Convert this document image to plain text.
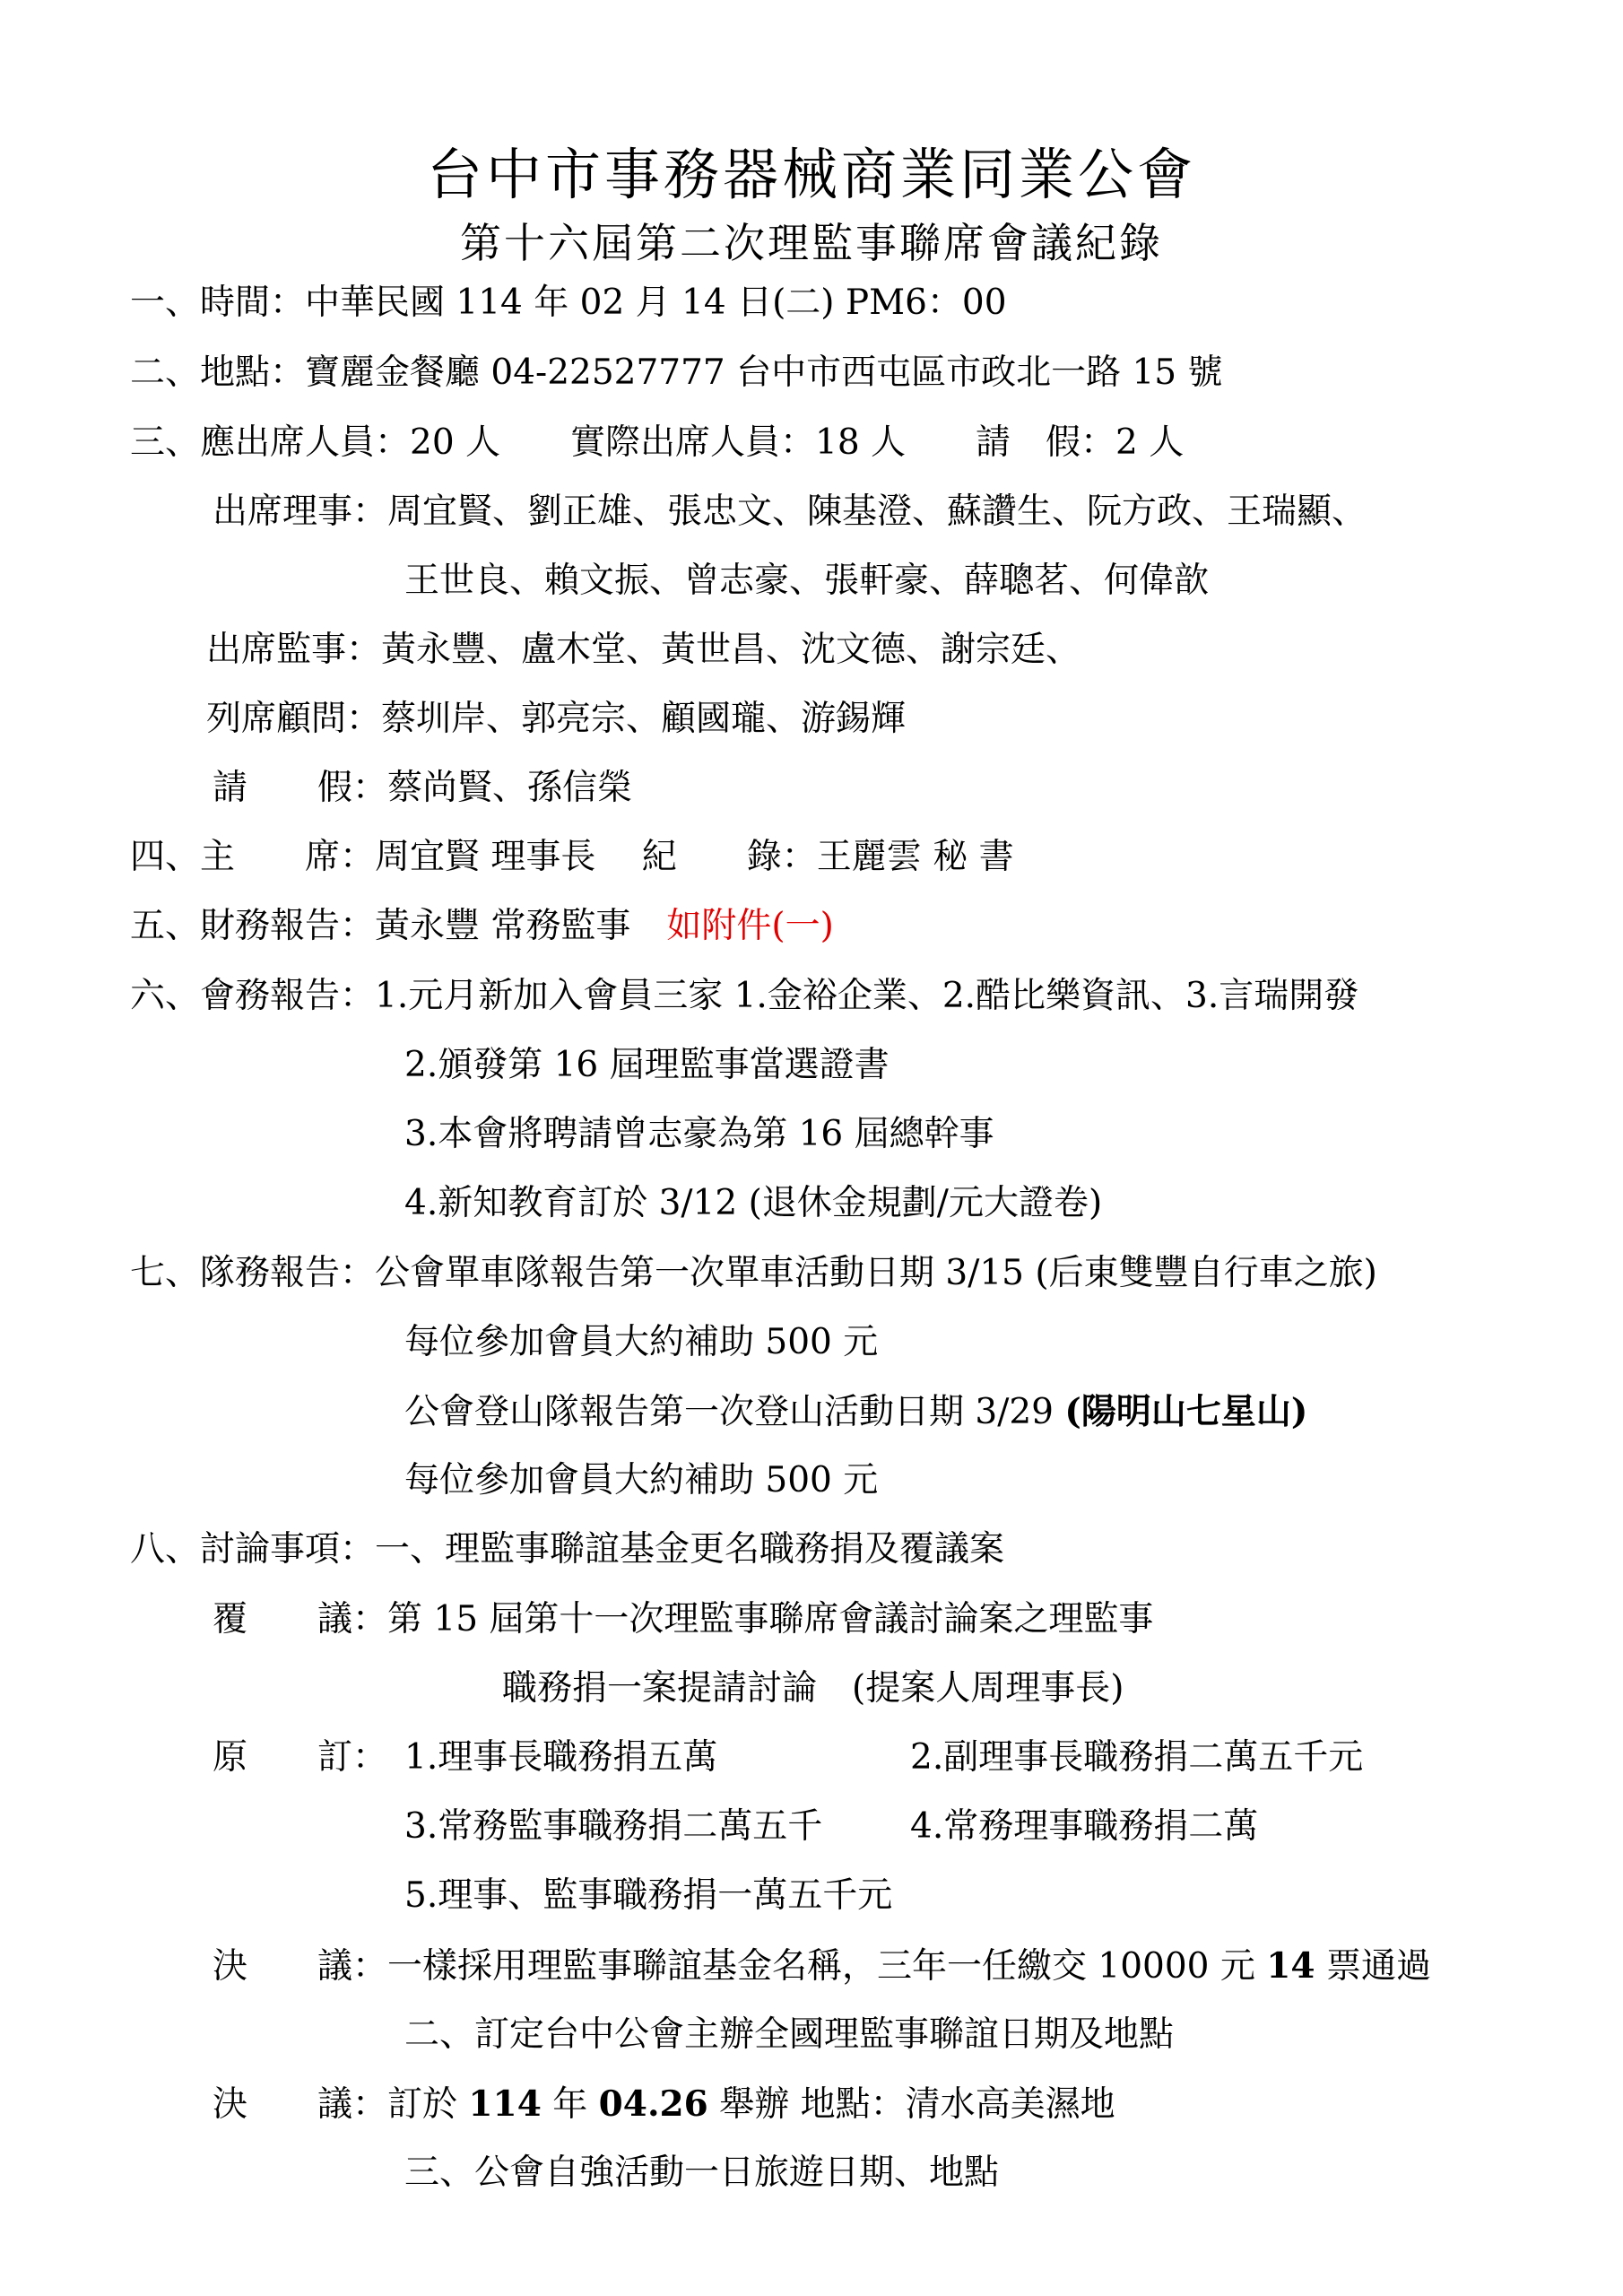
台中市事務器械商業同業公會
第十六屆第二次理監事聯席會議紀錄
一、時間：中華民國 114 年 02 月 14 日(二) PM6：00
二、地點：寶麗金餐廳 04-22527777 台中市西屯區市政北一路 15 號
三、應出席人員：20 人　　實際出席人員：18 人　　請　假：2 人
出席理事：周宜賢、劉正雄、張忠文、陳基澄、蘇讚生、阮方政、王瑞顯、
王世良、賴文振、曾志豪、張軒豪、薛聰茗、何偉歆
出席監事：黃永豐、盧木堂、黃世昌、沈文德、謝宗廷、
列席顧問：蔡圳岸、郭亮宗、顧國瓏、游錫輝
請　　假：蔡尚賢、孫信榮
四、主　　席：周宜賢 理事長　 紀　　錄：王麗雲 秘 書
五、財務報告：黃永豐 常務監事 如附件(一)
六、會務報告：1.元月新加入會員三家 1.金裕企業、2.酷比樂資訊、3.言瑞開發
2.頒發第 16 屆理監事當選證書
3.本會將聘請曾志豪為第 16 屆總幹事
4.新知教育訂於 3/12 (退休金規劃/元大證卷)
七、隊務報告：公會單車隊報告第一次單車活動日期 3/15 (后東雙豐自行車之旅)
每位參加會員大約補助 500 元
公會登山隊報告第一次登山活動日期 3/29 (陽明山七星山)
每位參加會員大約補助 500 元
八、討論事項：一、理監事聯誼基金更名職務捐及覆議案
覆　　議：第 15 屆第十一次理監事聯席會議討論案之理監事
職務捐一案提請討論　(提案人周理事長)
原　　訂： 1.理事長職務捐五萬	2.副理事長職務捐二萬五千元
3.常務監事職務捐二萬五千	4.常務理事職務捐二萬
5.理事、監事職務捐一萬五千元
決　　議：一樣採用理監事聯誼基金名稱，三年一任繳交 10000 元 14 票通過
二、訂定台中公會主辦全國理監事聯誼日期及地點
決　　議：訂於 114 年 04.26 舉辦 地點：清水高美濕地
三、公會自強活動一日旅遊日期、地點
